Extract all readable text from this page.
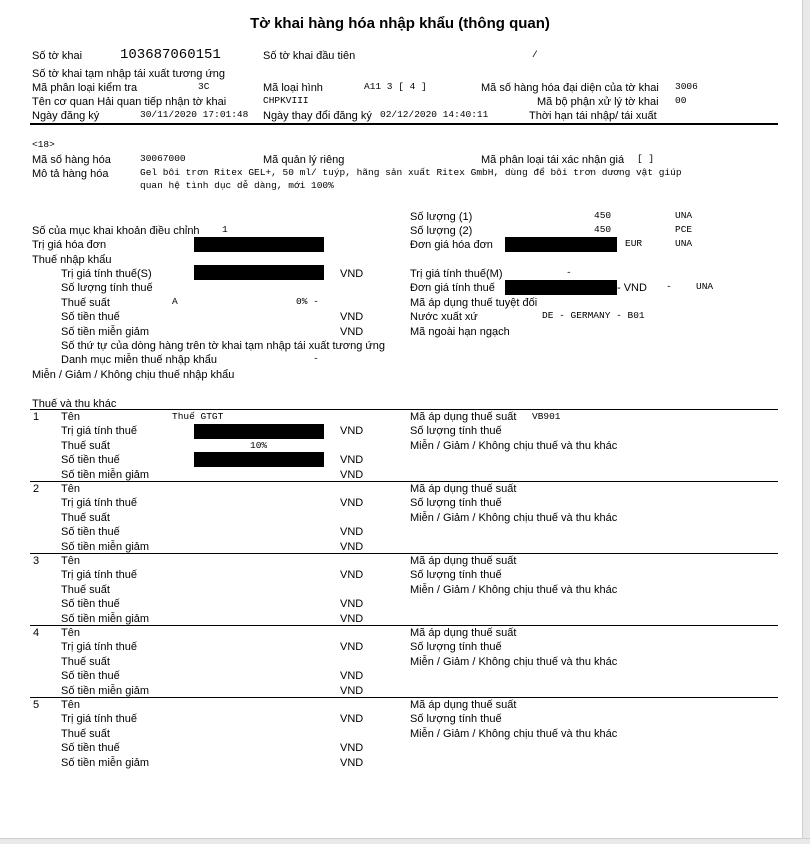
Tờ khai hàng hóa nhập khẩu (thông quan)
Số tờ khai	103687060151	Số tờ khai đầu tiên	/
Số tờ khai tạm nhập tái xuất tương ứng
Mã phân loại kiểm tra	3C	Mã loại hình	A11 3 [ 4 ]	Mã số hàng hóa đại diện của tờ khai 3006
Tên cơ quan Hải quan tiếp nhận tờ khai	CHPKVIII	Mã bộ phận xử lý tờ khai 00
Ngày đăng ký	30/11/2020 17:01:48 Ngày thay đổi đăng ký 02/12/2020 14:40:11	Thời hạn tái nhập/ tái xuất
<18>
Mã số hàng hóa	30067000	Mã quản lý riêng	Mã phân loại tái xác nhận giá [ ]
Mô tả hàng hóa	Gel bôi trơn Ritex GEL+, 50 ml/ tuýp, hãng sản xuất Ritex GmbH, dùng để bôi trơn dương vật giúp
quan hệ tình dục dễ dàng, mới 100%
Số lượng (1)	450	UNA
Số của mục khai khoản điều chỉnh 1	Số lượng (2)	450	PCE
Trị giá hóa đơn	Đơn giá hóa đơn	EUR	UNA
Thuế nhập khẩu
Trị giá tính thuế(S)	VND	Trị giá tính thuế(M)	-
Số lượng tính thuế	Đơn giá tính thuế	- VND -	UNA
Thuế suất	A	0% -	Mã áp dụng thuế tuyệt đối
Số tiền thuế	VND	Nước xuất xứ	DE - GERMANY - B01
Số tiền miễn giảm	VND	Mã ngoài hạn ngạch
Số thứ tự của dòng hàng trên tờ khai tạm nhập tái xuất tương ứng
Danh mục miễn thuế nhập khẩu	-
Miễn / Giảm / Không chịu thuế nhập khẩu
Thuế và thu khác
1 Tên	Thuế GTGT	Mã áp dụng thuế suất VB901
Trị giá tính thuế	VND	Số lượng tính thuế
Thuế suất	10%	Miễn / Giảm / Không chịu thuế và thu khác
Số tiền thuế	VND
Số tiền miễn giảm	VND
2 Tên	Mã áp dụng thuế suất
Trị giá tính thuế	VND	Số lượng tính thuế
Thuế suất	Miễn / Giảm / Không chịu thuế và thu khác
Số tiền thuế	VND
Số tiền miễn giảm	VND
3 Tên	Mã áp dụng thuế suất
Trị giá tính thuế	VND	Số lượng tính thuế
Thuế suất	Miễn / Giảm / Không chịu thuế và thu khác
Số tiền thuế	VND
Số tiền miễn giảm	VND
4 Tên	Mã áp dụng thuế suất
Trị giá tính thuế	VND	Số lượng tính thuế
Thuế suất	Miễn / Giảm / Không chịu thuế và thu khác
Số tiền thuế	VND
Số tiền miễn giảm	VND
5 Tên	Mã áp dụng thuế suất
Trị giá tính thuế	VND	Số lượng tính thuế
Thuế suất	Miễn / Giảm / Không chịu thuế và thu khác
Số tiền thuế	VND
Số tiền miễn giảm	VND
